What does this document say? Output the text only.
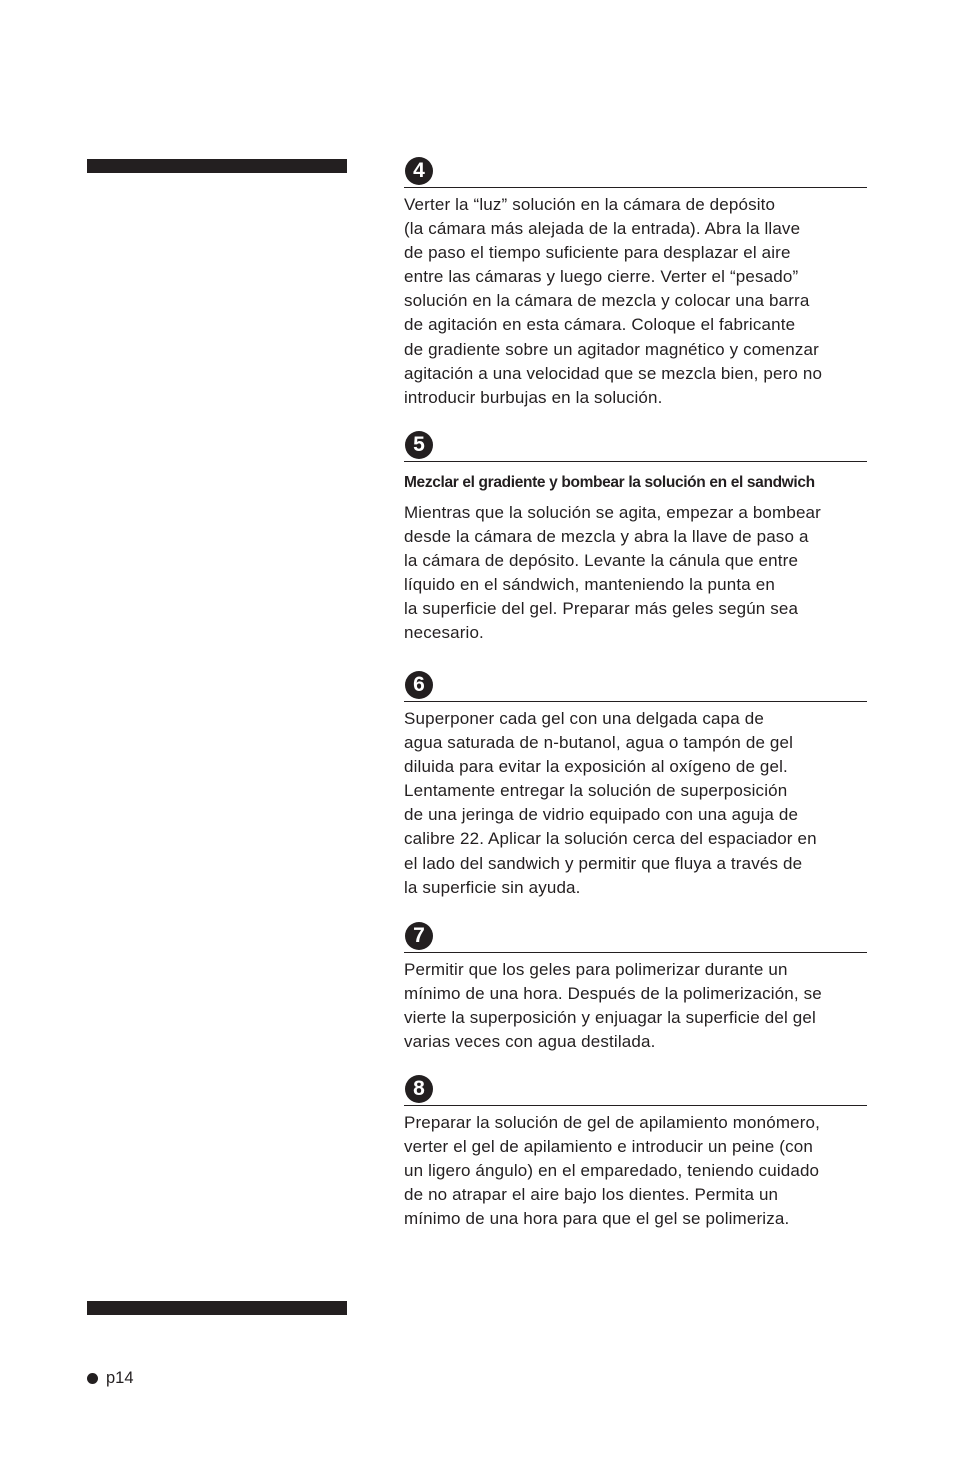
4

Verter la “luz” solución en la cámara de depósito
(la cámara más alejada de la entrada). Abra la llave
de paso el tiempo suficiente para desplazar el aire
entre las cámaras y luego cierre. Verter el “pesado”
solución en la cámara de mezcla y colocar una barra
de agitación en esta cámara. Coloque el fabricante
de gradiente sobre un agitador magnético y comenzar
agitación a una velocidad que se mezcla bien, pero no
introducir burbujas en la solución.

5
Mezclar el gradiente y bombear la solución en el sandwich

Mientras que la solución se agita, empezar a bombear
desde la cámara de mezcla y abra la llave de paso a
la cámara de depósito. Levante la cánula que entre
líquido en el sándwich, manteniendo la punta en
la superficie del gel. Preparar más geles según sea
necesario.

6

Superponer cada gel con una delgada capa de
agua saturada de n-butanol, agua o tampón de gel
diluida para evitar la exposición al oxígeno de gel.
Lentamente entregar la solución de superposición
de una jeringa de vidrio equipado con una aguja de
calibre 22. Aplicar la solución cerca del espaciador en
el lado del sandwich y permitir que fluya a través de
la superficie sin ayuda.

7

Permitir que los geles para polimerizar durante un
mínimo de una hora. Después de la polimerización, se
vierte la superposición y enjuagar la superficie del gel
varias veces con agua destilada.

8

Preparar la solución de gel de apilamiento monómero,
verter el gel de apilamiento e introducir un peine (con
un ligero ángulo) en el emparedado, teniendo cuidado
de no atrapar el aire bajo los dientes. Permita un
mínimo de una hora para que el gel se polimeriza.

p14
